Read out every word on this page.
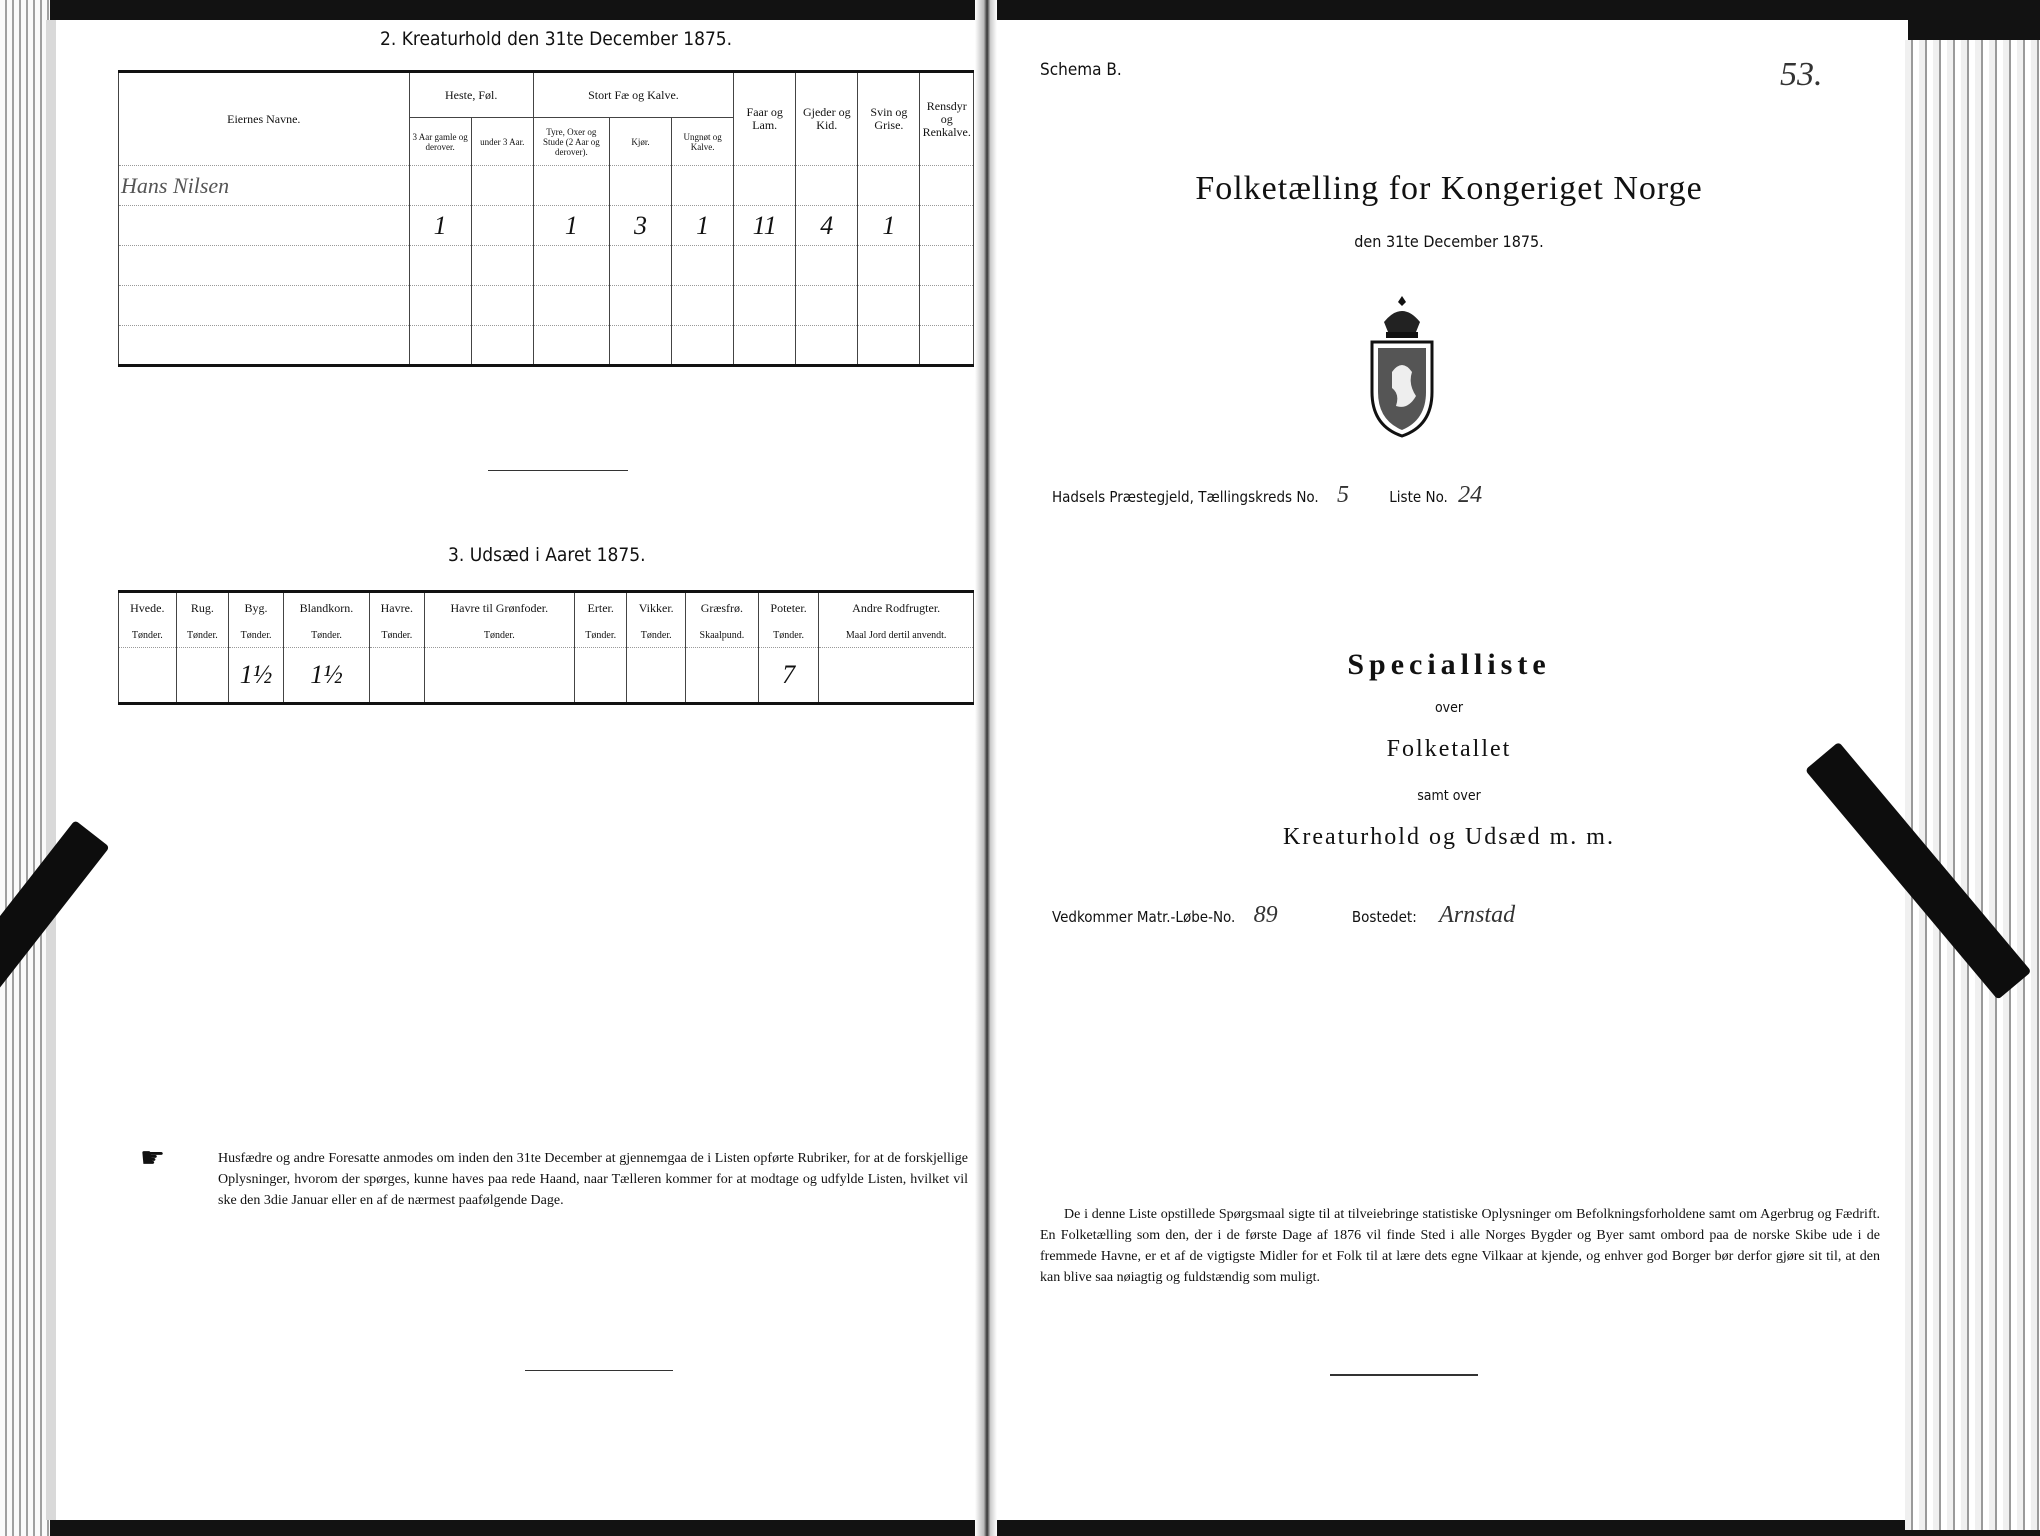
2. Kreaturhold den 31te December 1875.
Eiernes Navne.	Heste, Føl.		Stort Fæ og Kalve.			Faar og Lam.	Gjeder og Kid.	Svin og Grise.	Rensdyr og Renkalve.
	3 Aar gamle og derover.	under 3 Aar.	Tyre, Oxer og Stude (2 Aar og derover).	Kjør.	Ungnøt og Kalve.				
Hans Nilsen									
	1		1	3	1	11	4	1	

3. Udsæd i Aaret 1875.
Hvede.	Rug.	Byg.	Blandkorn.	Havre.	Havre til Grønfoder.	Erter.	Vikker.	Græsfrø.	Poteter.	Andre Rodfrugter.
Tønder.	Tønder.	Tønder.	Tønder.	Tønder.	Tønder.	Tønder.	Tønder.	Skaalpund.	Tønder.	Maal Jord dertil anvendt.
		1½	1½						7	
☛	Husfædre og andre Foresatte anmodes om inden den 31te December at gjennemgaa de i Listen opførte Rubriker, for at de forskjellige Oplysninger, hvorom der spørges, kunne haves paa rede Haand, naar Tælleren kommer for at modtage og udfylde Listen, hvilket vil ske den 3die Januar eller en af de nærmest paafølgende Dage.
Schema B.	53.
Folketælling for Kongeriget Norge
den 31te December 1875.
Hadsels Præstegjeld, Tællingskreds No. 5	Liste No. 24
Specialliste
over
Folketallet
samt over
Kreaturhold og Udsæd m. m.
Vedkommer Matr.-Løbe-No. 89	Bostedet: Arnstad
De i denne Liste opstillede Spørgsmaal sigte til at tilveiebringe statistiske Oplysninger om Befolkningsforholdene samt om Agerbrug og Fædrift. En Folketælling som den, der i de første Dage af 1876 vil finde Sted i alle Norges Bygder og Byer samt ombord paa de norske Skibe ude i de fremmede Havne, er et af de vigtigste Midler for et Folk til at lære dets egne Vilkaar at kjende, og enhver god Borger bør derfor gjøre sit til, at den kan blive saa nøiagtig og fuldstændig som muligt.
